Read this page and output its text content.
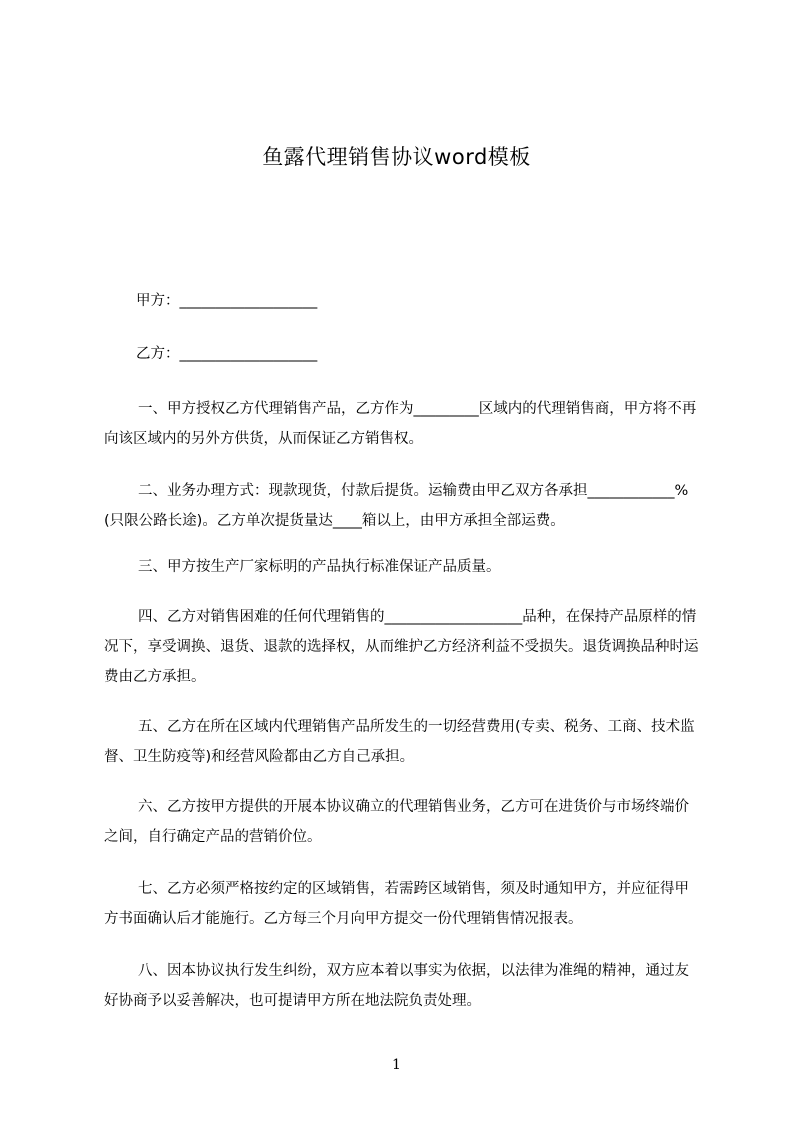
鱼露代理销售协议word模板
甲方：___________________
乙方：___________________

一、甲方授权乙方代理销售产品，乙方作为_________区域内的代理销售商，甲方将不再向该区域内的另外方供货，从而保证乙方销售权。

二、业务办理方式：现款现货，付款后提货。运输费由甲乙双方各承担____________%(只限公路长途)。乙方单次提货量达____箱以上，由甲方承担全部运费。

三、甲方按生产厂家标明的产品执行标准保证产品质量。

四、乙方对销售困难的任何代理销售的___________________品种，在保持产品原样的情况下，享受调换、退货、退款的选择权，从而维护乙方经济利益不受损失。退货调换品种时运费由乙方承担。

五、乙方在所在区域内代理销售产品所发生的一切经营费用(专卖、税务、工商、技术监督、卫生防疫等)和经营风险都由乙方自己承担。

六、乙方按甲方提供的开展本协议确立的代理销售业务，乙方可在进货价与市场终端价之间，自行确定产品的营销价位。

七、乙方必须严格按约定的区域销售，若需跨区域销售，须及时通知甲方，并应征得甲方书面确认后才能施行。乙方每三个月向甲方提交一份代理销售情况报表。

八、因本协议执行发生纠纷，双方应本着以事实为依据，以法律为准绳的精神，通过友好协商予以妥善解决，也可提请甲方所在地法院负责处理。

1
